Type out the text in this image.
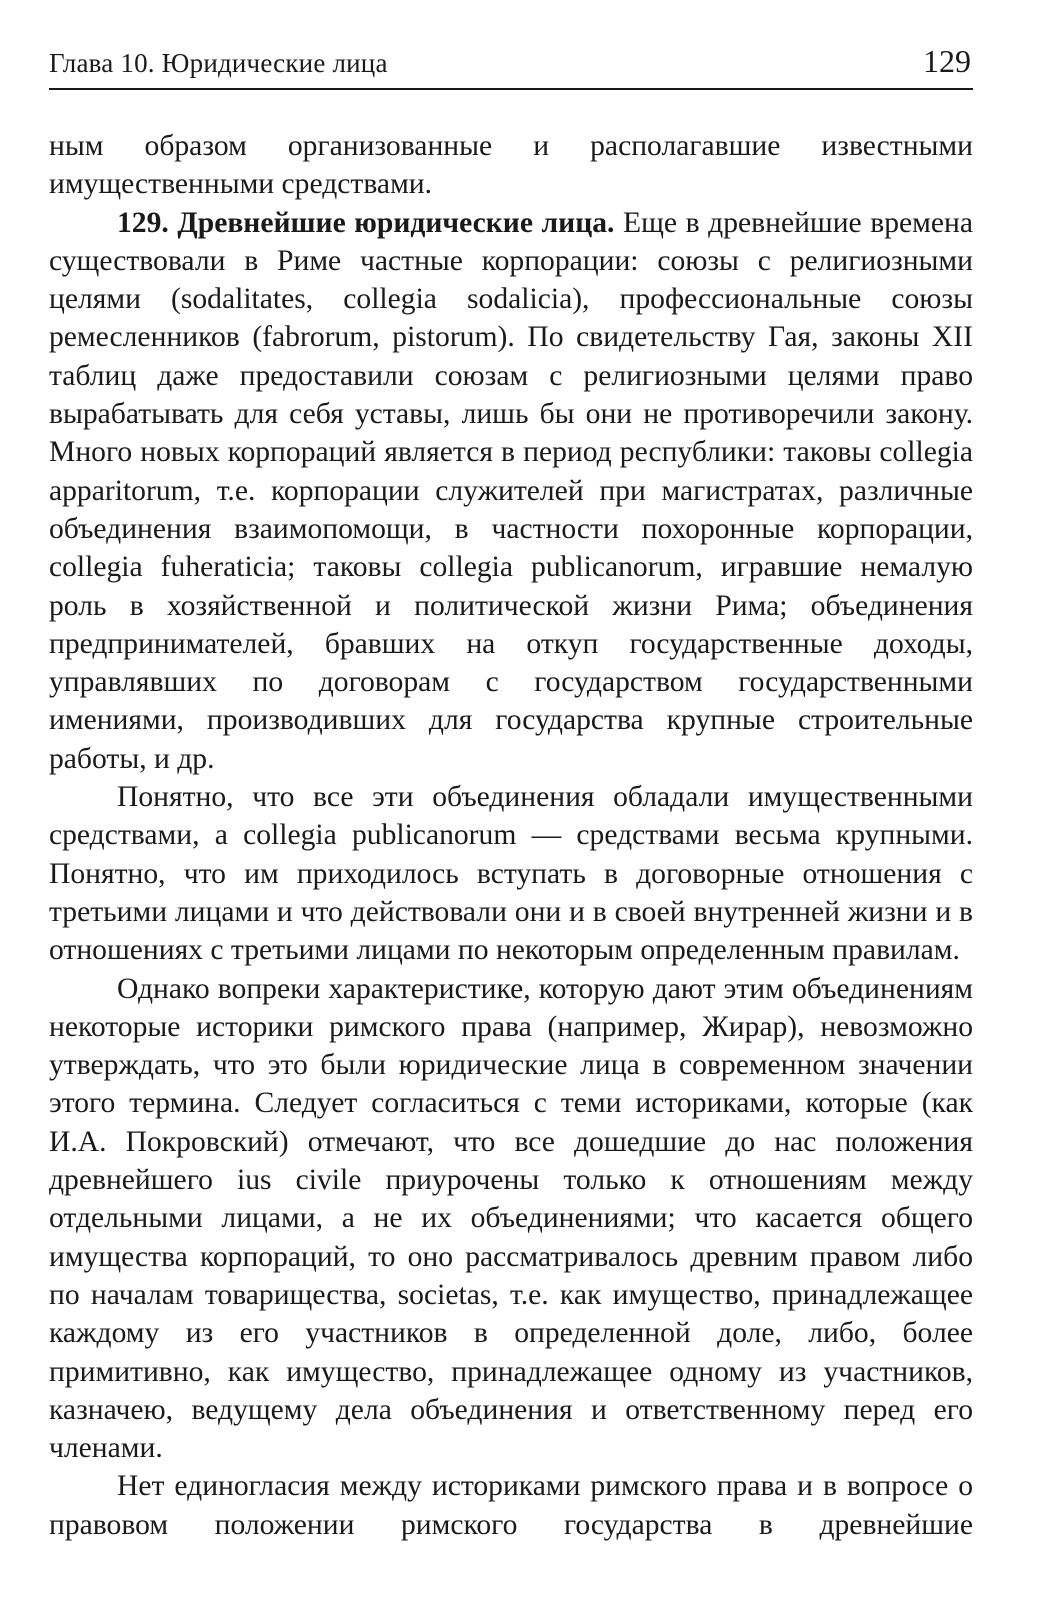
Глава 10. Юридические лица	129

ным образом организованные и располагавшие известными имущественными средствами.

129. Древнейшие юридические лица. Еще в древнейшие времена существовали в Риме частные корпорации: союзы с религиозными целями (sodalitates, collegia sodalicia), профессиональные союзы ремесленников (fabrorum, pistorum). По свидетельству Гая, законы XII таблиц даже предоставили союзам с религиозными целями право вырабатывать для себя уставы, лишь бы они не противоречили закону. Много новых корпораций является в период республики: таковы collegia apparitorum, т.е. корпорации служителей при магистратах, различные объединения взаимопомощи, в частности похоронные корпорации, collegia fuheraticia; таковы collegia publicanorum, игравшие немалую роль в хозяйственной и политической жизни Рима; объединения предпринимателей, бравших на откуп государственные доходы, управлявших по договорам с государством государственными имениями, производивших для государства крупные строительные работы, и др.

Понятно, что все эти объединения обладали имущественными средствами, а collegia publicanorum — средствами весьма крупными. Понятно, что им приходилось вступать в договорные отношения с третьими лицами и что действовали они и в своей внутренней жизни и в отношениях с третьими лицами по некоторым определенным правилам.

Однако вопреки характеристике, которую дают этим объединениям некоторые историки римского права (например, Жирар), невозможно утверждать, что это были юридические лица в современном значении этого термина. Следует согласиться с теми историками, которые (как И.А. Покровский) отмечают, что все дошедшие до нас положения древнейшего ius civile приурочены только к отношениям между отдельными лицами, а не их объединениями; что касается общего имущества корпораций, то оно рассматривалось древним правом либо по началам товарищества, societas, т.е. как имущество, принадлежащее каждому из его участников в определенной доле, либо, более примитивно, как имущество, принадлежащее одному из участников, казначею, ведущему дела объединения и ответственному перед его членами.

Нет единогласия между историками римского права и в вопросе о правовом положении римского государства в древнейшие
